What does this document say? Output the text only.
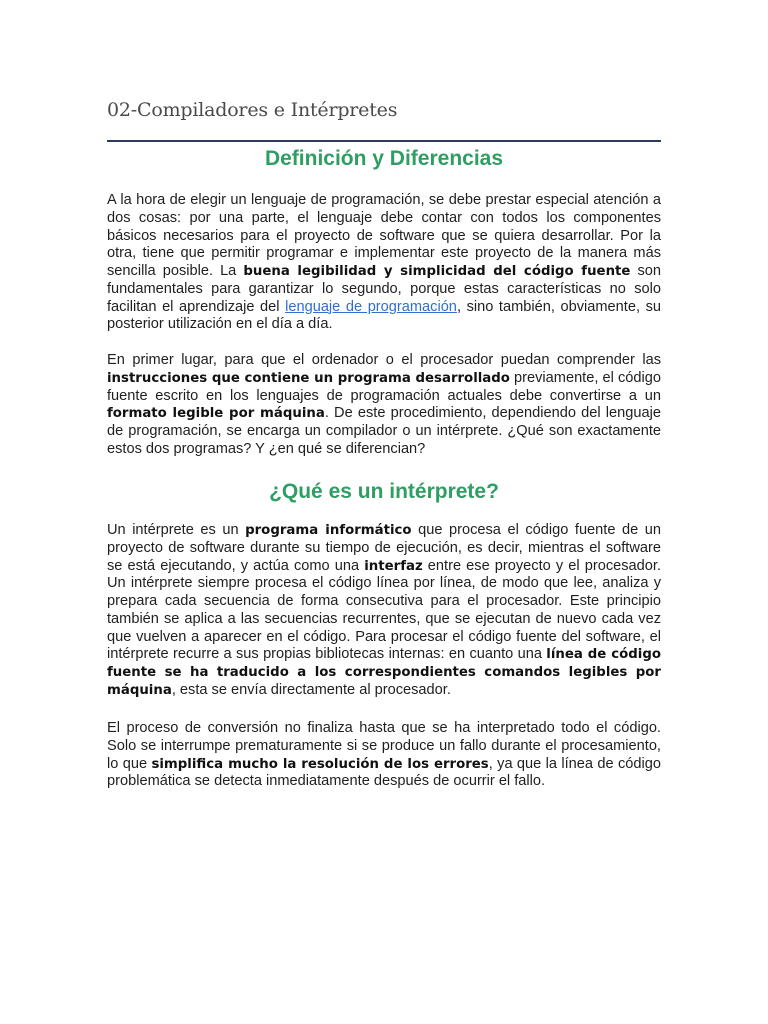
02-Compiladores e Intérpretes
Definición y Diferencias

A la hora de elegir un lenguaje de programación, se debe prestar especial atención a dos cosas: por una parte, el lenguaje debe contar con todos los componentes básicos necesarios para el proyecto de software que se quiera desarrollar. Por la otra, tiene que permitir programar e implementar este proyecto de la manera más sencilla posible. La buena legibilidad y simplicidad del código fuente son fundamentales para garantizar lo segundo, porque estas características no solo facilitan el aprendizaje del lenguaje de programación, sino también, obviamente, su posterior utilización en el día a día.

En primer lugar, para que el ordenador o el procesador puedan comprender las instrucciones que contiene un programa desarrollado previamente, el código fuente escrito en los lenguajes de programación actuales debe convertirse a un formato legible por máquina. De este procedimiento, dependiendo del lenguaje de programación, se encarga un compilador o un intérprete. ¿Qué son exactamente estos dos programas? Y ¿en qué se diferencian?

¿Qué es un intérprete?

Un intérprete es un programa informático que procesa el código fuente de un proyecto de software durante su tiempo de ejecución, es decir, mientras el software se está ejecutando, y actúa como una interfaz entre ese proyecto y el procesador. Un intérprete siempre procesa el código línea por línea, de modo que lee, analiza y prepara cada secuencia de forma consecutiva para el procesador. Este principio también se aplica a las secuencias recurrentes, que se ejecutan de nuevo cada vez que vuelven a aparecer en el código. Para procesar el código fuente del software, el intérprete recurre a sus propias bibliotecas internas: en cuanto una línea de código fuente se ha traducido a los correspondientes comandos legibles por máquina, esta se envía directamente al procesador.

El proceso de conversión no finaliza hasta que se ha interpretado todo el código. Solo se interrumpe prematuramente si se produce un fallo durante el procesamiento, lo que simplifica mucho la resolución de los errores, ya que la línea de código problemática se detecta inmediatamente después de ocurrir el fallo.
